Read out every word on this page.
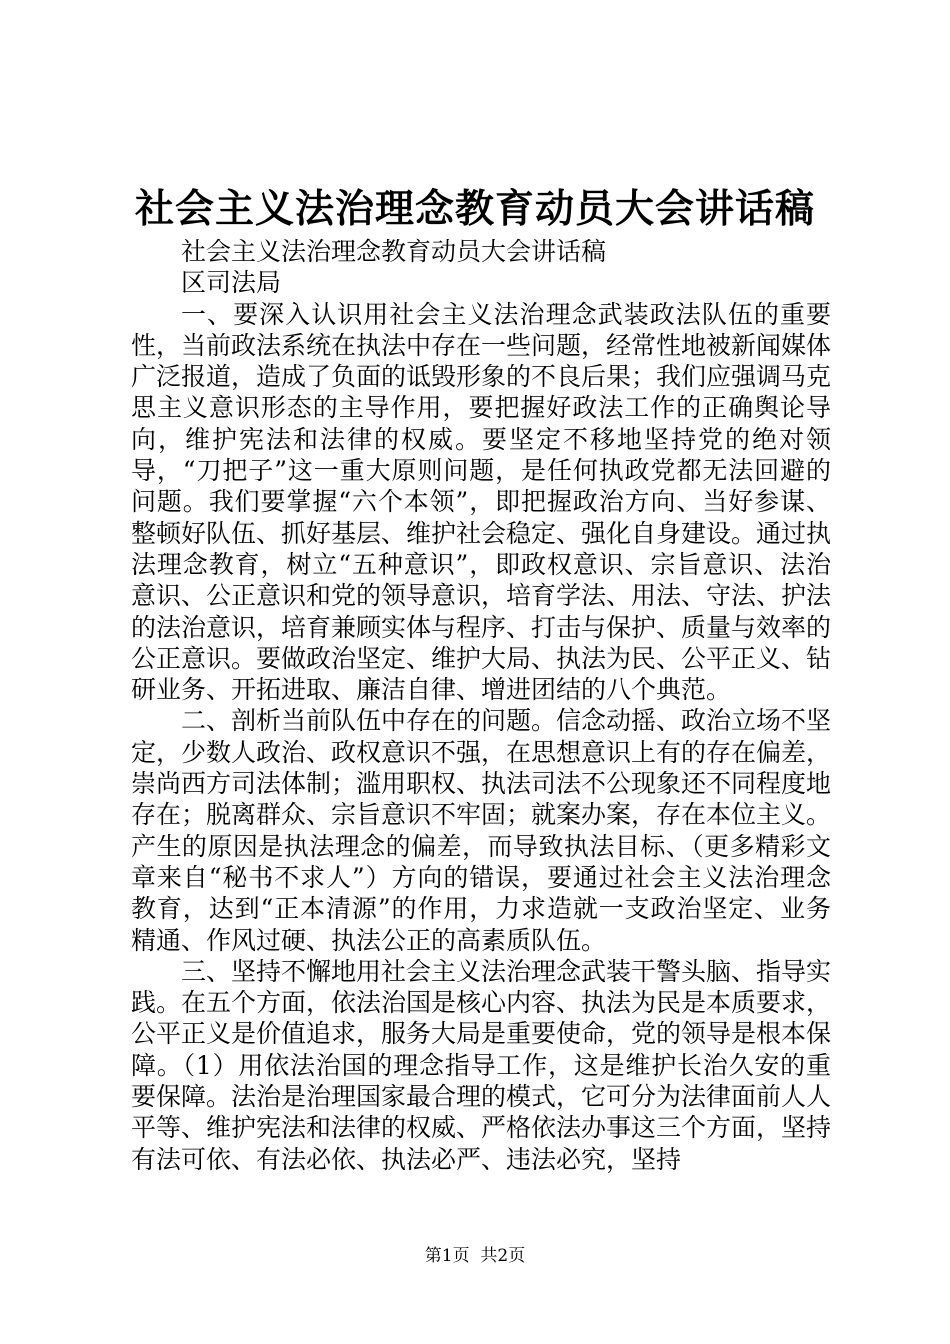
社会主义法治理念教育动员大会讲话稿

社会主义法治理念教育动员大会讲话稿

区司法局

一、要深入认识用社会主义法治理念武装政法队伍的重要性，当前政法系统在执法中存在一些问题，经常性地被新闻媒体广泛报道，造成了负面的诋毁形象的不良后果；我们应强调马克思主义意识形态的主导作用，要把握好政法工作的正确舆论导向，维护宪法和法律的权威。要坚定不移地坚持党的绝对领导，“刀把子”这一重大原则问题，是任何执政党都无法回避的问题。我们要掌握“六个本领”，即把握政治方向、当好参谋、整顿好队伍、抓好基层、维护社会稳定、强化自身建设。通过执法理念教育，树立“五种意识”，即政权意识、宗旨意识、法治意识、公正意识和党的领导意识，培育学法、用法、守法、护法的法治意识，培育兼顾实体与程序、打击与保护、质量与效率的公正意识。要做政治坚定、维护大局、执法为民、公平正义、钻研业务、开拓进取、廉洁自律、增进团结的八个典范。

二、剖析当前队伍中存在的问题。信念动摇、政治立场不坚定，少数人政治、政权意识不强，在思想意识上有的存在偏差，崇尚西方司法体制；滥用职权、执法司法不公现象还不同程度地存在；脱离群众、宗旨意识不牢固；就案办案，存在本位主义。产生的原因是执法理念的偏差，而导致执法目标、（更多精彩文章来自“秘书不求人”）方向的错误，要通过社会主义法治理念教育，达到“正本清源”的作用，力求造就一支政治坚定、业务精通、作风过硬、执法公正的高素质队伍。

三、坚持不懈地用社会主义法治理念武装干警头脑、指导实践。在五个方面，依法治国是核心内容、执法为民是本质要求，公平正义是价值追求，服务大局是重要使命，党的领导是根本保障。（1）用依法治国的理念指导工作，这是维护长治久安的重要保障。法治是治理国家最合理的模式，它可分为法律面前人人平等、维护宪法和法律的权威、严格依法办事这三个方面，坚持有法可依、有法必依、执法必严、违法必究，坚持

第1页  共2页
